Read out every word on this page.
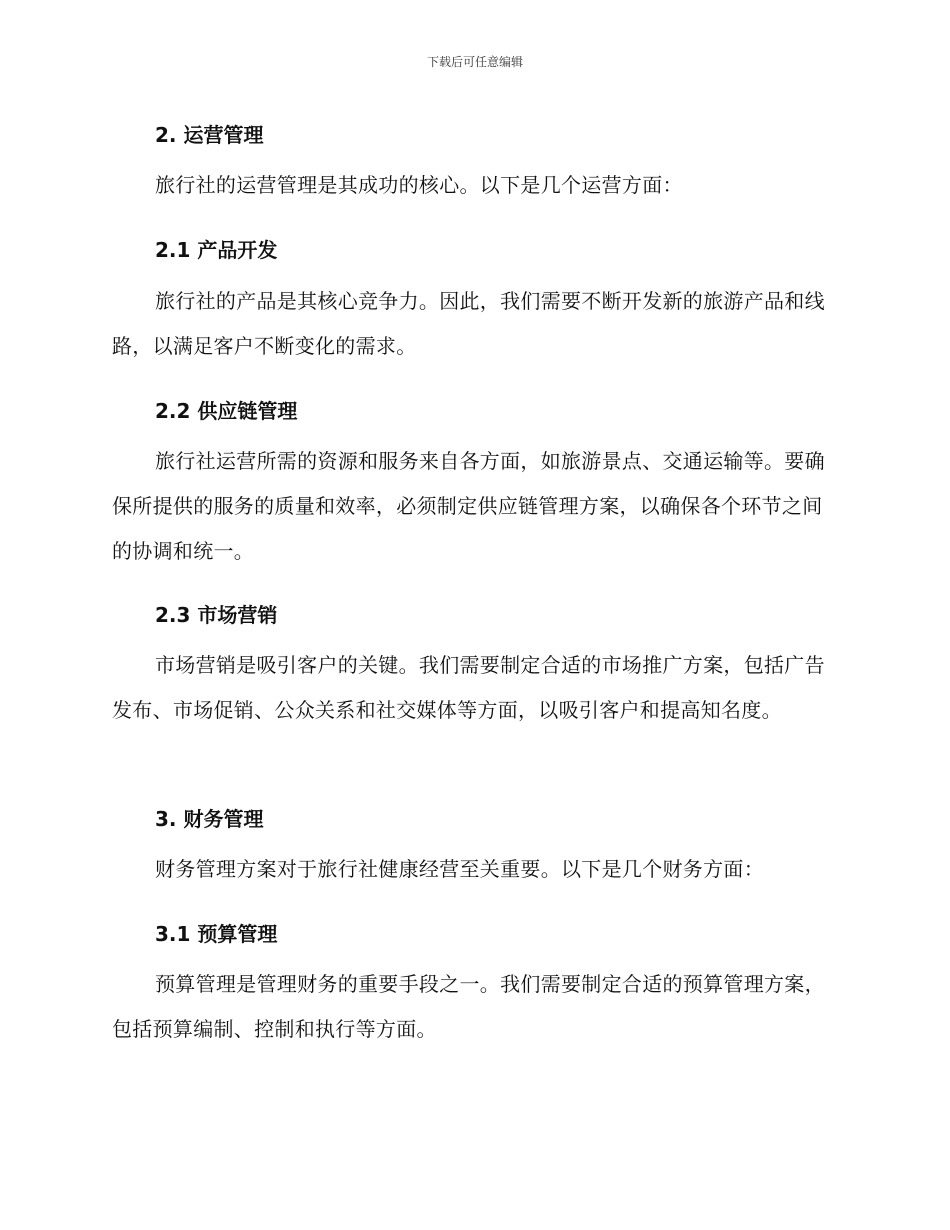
下载后可任意编辑
2. 运营管理
旅行社的运营管理是其成功的核心。以下是几个运营方面：
2.1 产品开发
旅行社的产品是其核心竞争力。因此，我们需要不断开发新的旅游产品和线路，以满足客户不断变化的需求。
2.2 供应链管理
旅行社运营所需的资源和服务来自各方面，如旅游景点、交通运输等。要确保所提供的服务的质量和效率，必须制定供应链管理方案，以确保各个环节之间的协调和统一。
2.3 市场营销
市场营销是吸引客户的关键。我们需要制定合适的市场推广方案，包括广告发布、市场促销、公众关系和社交媒体等方面，以吸引客户和提高知名度。
3. 财务管理
财务管理方案对于旅行社健康经营至关重要。以下是几个财务方面：
3.1 预算管理
预算管理是管理财务的重要手段之一。我们需要制定合适的预算管理方案，包括预算编制、控制和执行等方面。
